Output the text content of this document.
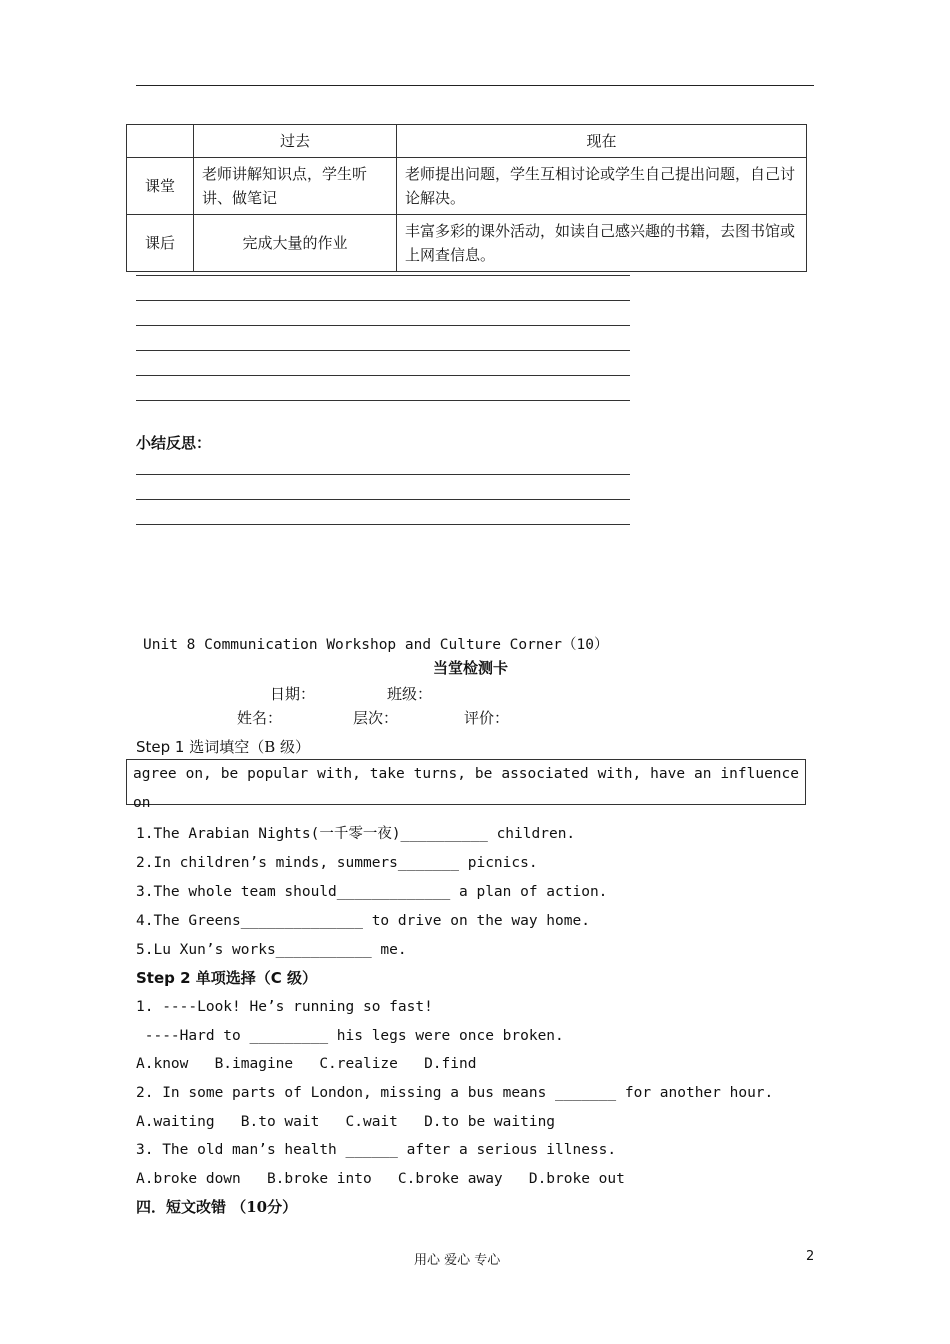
	过去	现在
课堂	老师讲解知识点，学生听讲、做笔记	老师提出问题，学生互相讨论或学生自己提出问题，自己讨论解决。
课后	完成大量的作业	丰富多彩的课外活动，如读自己感兴趣的书籍，去图书馆或上网查信息。
小结反思：
Unit 8 Communication Workshop and Culture Corner（10）
当堂检测卡
日期：	班级：
姓名：	层次：	评价：
Step 1 选词填空（B 级）
agree on, be popular with, take turns, be associated with, have an influence on
1.The Arabian Nights(一千零一夜)__________ children.
2.In children’s minds, summers_______ picnics.
3.The whole team should_____________ a plan of action.
4.The Greens______________ to drive on the way home.
5.Lu Xun’s works___________ me.
Step 2 单项选择（C 级）
1. ----Look! He’s running so fast!
----Hard to _________ his legs were once broken.
A.know   B.imagine   C.realize   D.find
2. In some parts of London, missing a bus means _______ for another hour.
A.waiting   B.to wait   C.wait   D.to be waiting
3. The old man’s health ______ after a serious illness.
A.broke down   B.broke into   C.broke away   D.broke out
四．短文改错 （10分）
用心 爱心 专心	2
